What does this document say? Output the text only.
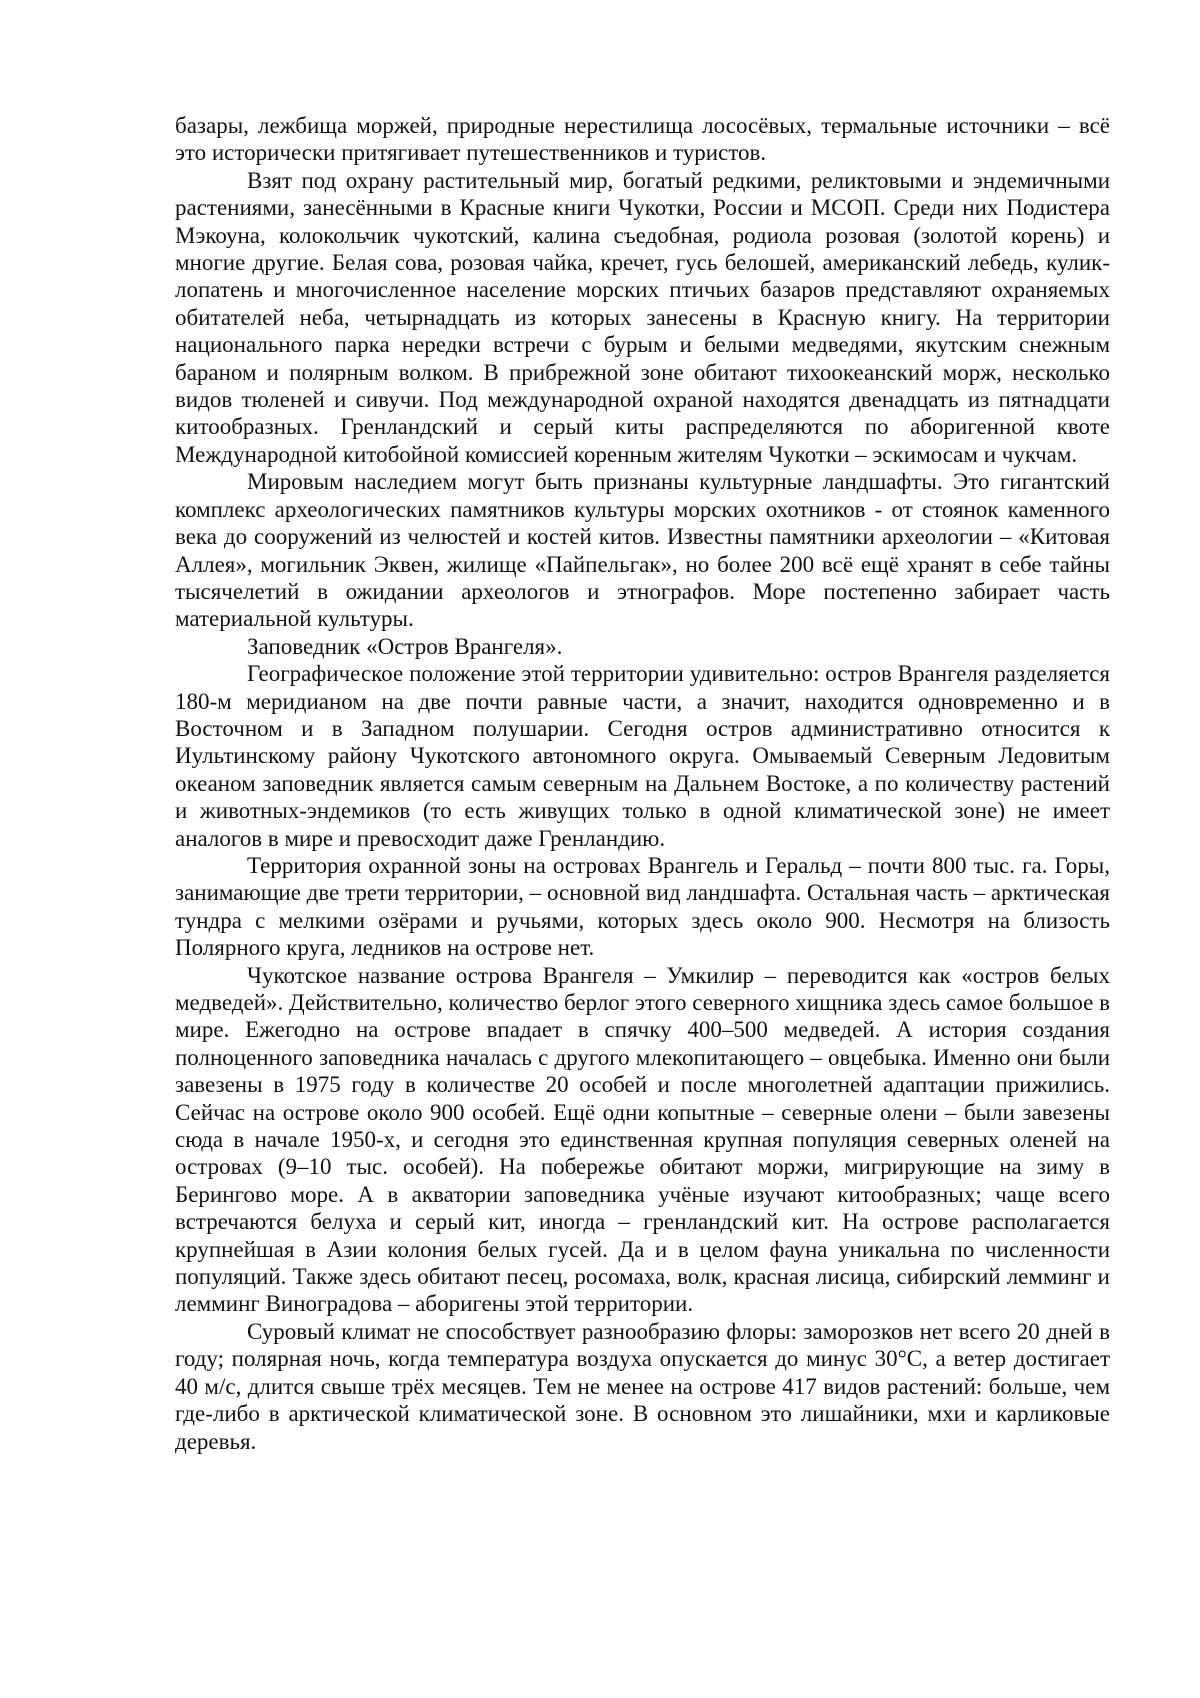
базары, лежбища моржей, природные нерестилища лососёвых, термальные источники – всё это исторически притягивает путешественников и туристов.

Взят под охрану растительный мир, богатый редкими, реликтовыми и эндемичными растениями, занесёнными в Красные книги Чукотки, России и МСОП. Среди них Подистера Мэкоуна, колокольчик чукотский, калина съедобная, родиола розовая (золотой корень) и многие другие. Белая сова, розовая чайка, кречет, гусь белошей, американский лебедь, кулик-лопатень и многочисленное население морских птичьих базаров представляют охраняемых обитателей неба, четырнадцать из которых занесены в Красную книгу. На территории национального парка нередки встречи с бурым и белыми медведями, якутским снежным бараном и полярным волком. В прибрежной зоне обитают тихоокеанский морж, несколько видов тюленей и сивучи. Под международной охраной находятся двенадцать из пятнадцати китообразных. Гренландский и серый киты распределяются по аборигенной квоте Международной китобойной комиссией коренным жителям Чукотки – эскимосам и чукчам.

Мировым наследием могут быть признаны культурные ландшафты. Это гигантский комплекс археологических памятников культуры морских охотников - от стоянок каменного века до сооружений из челюстей и костей китов. Известны памятники археологии – «Китовая Аллея», могильник Эквен, жилище «Пайпельгак», но более 200 всё ещё хранят в себе тайны тысячелетий в ожидании археологов и этнографов. Море постепенно забирает часть материальной культуры.

Заповедник «Остров Врангеля».

Географическое положение этой территории удивительно: остров Врангеля разделяется 180-м меридианом на две почти равные части, а значит, находится одновременно и в Восточном и в Западном полушарии. Сегодня остров административно относится к Иультинскому району Чукотского автономного округа. Омываемый Северным Ледовитым океаном заповедник является самым северным на Дальнем Востоке, а по количеству растений и животных-эндемиков (то есть живущих только в одной климатической зоне) не имеет аналогов в мире и превосходит даже Гренландию.

Территория охранной зоны на островах Врангель и Геральд – почти 800 тыс. га. Горы, занимающие две трети территории, – основной вид ландшафта. Остальная часть – арктическая тундра с мелкими озёрами и ручьями, которых здесь около 900. Несмотря на близость Полярного круга, ледников на острове нет.

Чукотское название острова Врангеля – Умкилир – переводится как «остров белых медведей». Действительно, количество берлог этого северного хищника здесь самое большое в мире. Ежегодно на острове впадает в спячку 400–500 медведей. А история создания полноценного заповедника началась с другого млекопитающего – овцебыка. Именно они были завезены в 1975 году в количестве 20 особей и после многолетней адаптации прижились. Сейчас на острове около 900 особей. Ещё одни копытные – северные олени – были завезены сюда в начале 1950-х, и сегодня это единственная крупная популяция северных оленей на островах (9–10 тыс. особей). На побережье обитают моржи, мигрирующие на зиму в Берингово море. А в акватории заповедника учёные изучают китообразных; чаще всего встречаются белуха и серый кит, иногда – гренландский кит. На острове располагается крупнейшая в Азии колония белых гусей. Да и в целом фауна уникальна по численности популяций. Также здесь обитают песец, росомаха, волк, красная лисица, сибирский лемминг и лемминг Виноградова – аборигены этой территории.

Суровый климат не способствует разнообразию флоры: заморозков нет всего 20 дней в году; полярная ночь, когда температура воздуха опускается до минус 30°C, а ветер достигает 40 м/с, длится свыше трёх месяцев. Тем не менее на острове 417 видов растений: больше, чем где-либо в арктической климатической зоне. В основном это лишайники, мхи и карликовые деревья.
